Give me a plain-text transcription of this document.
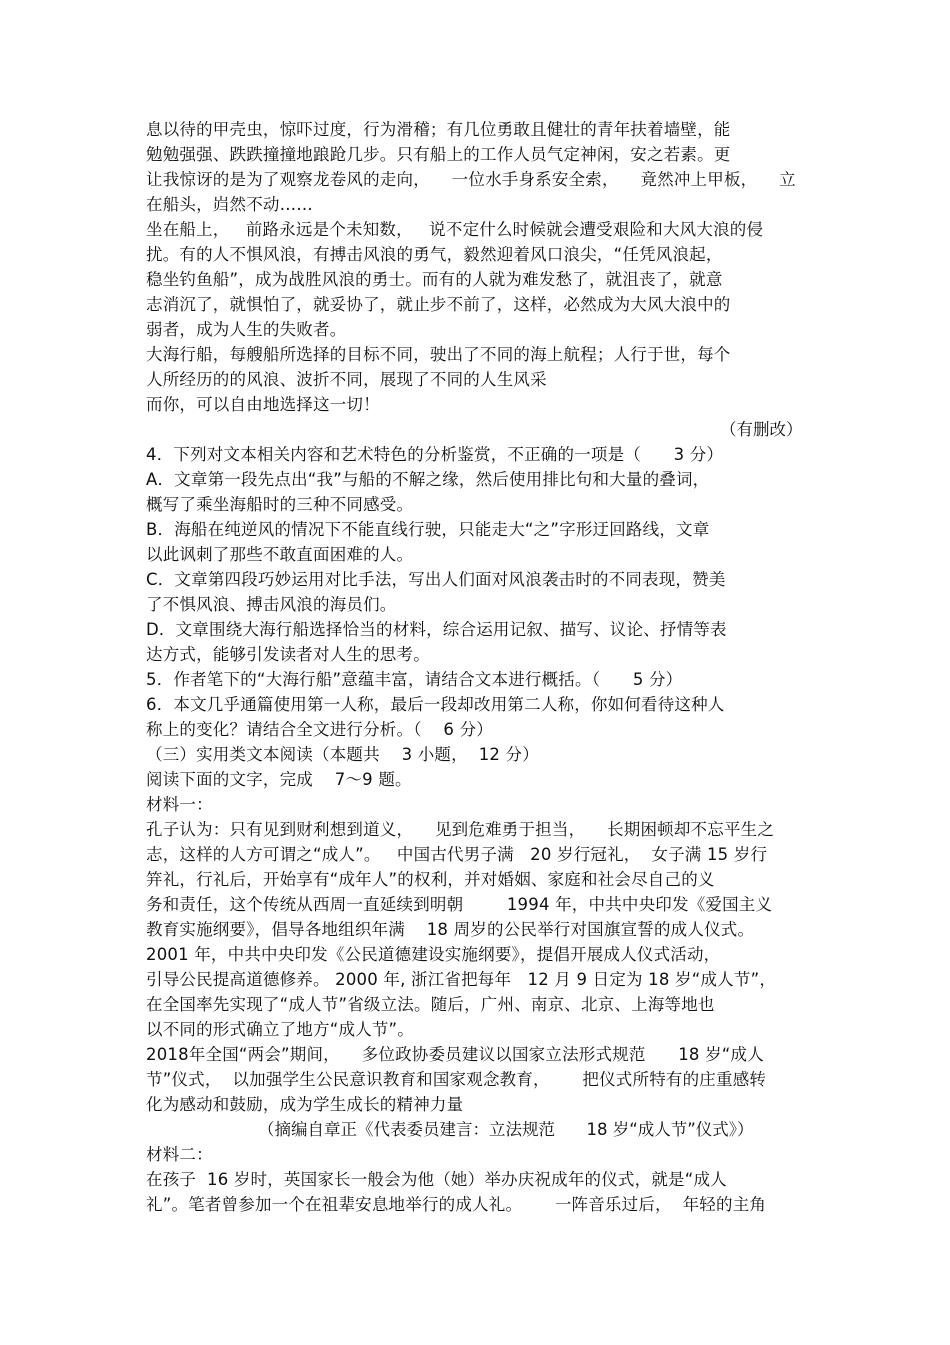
息以待的甲壳虫，惊吓过度，行为滑稽；有几位勇敢且健壮的青年扶着墙壁，能
勉勉强强、跌跌撞撞地踉跄几步。只有船上的工作人员气定神闲，安之若素。更
让我惊讶的是为了观察龙卷风的走向，    一位水手身系安全索，    竟然冲上甲板，    立
在船头，岿然不动……
坐在船上，   前路永远是个未知数，   说不定什么时候就会遭受艰险和大风大浪的侵
扰。有的人不惧风浪，有搏击风浪的勇气，毅然迎着风口浪尖，“任凭风浪起，
稳坐钓鱼船”，成为战胜风浪的勇士。而有的人就为难发愁了，就沮丧了，就意
志消沉了，就惧怕了，就妥协了，就止步不前了，这样，必然成为大风大浪中的
弱者，成为人生的失败者。
大海行船，每艘船所选择的目标不同，驶出了不同的海上航程；人行于世，每个
人所经历的的风浪、波折不同，展现了不同的人生风采
而你，可以自由地选择这一切！
（有删改）
4．下列对文本相关内容和艺术特色的分析鉴赏，不正确的一项是（      3 分）
A．文章第一段先点出“我”与船的不解之缘，然后使用排比句和大量的叠词，
概写了乘坐海船时的三种不同感受。
B．海船在纯逆风的情况下不能直线行驶，只能走大“之”字形迂回路线，文章
以此讽刺了那些不敢直面困难的人。
C．文章第四段巧妙运用对比手法，写出人们面对风浪袭击时的不同表现，赞美
了不惧风浪、搏击风浪的海员们。
D．文章围绕大海行船选择恰当的材料，综合运用记叙、描写、议论、抒情等表
达方式，能够引发读者对人生的思考。
5．作者笔下的“大海行船”意蕴丰富，请结合文本进行概括。（      5 分）
6．本文几乎通篇使用第一人称，最后一段却改用第二人称，你如何看待这种人
称上的变化？请结合全文进行分析。（    6 分）
（三）实用类文本阅读（本题共    3 小题，  12 分）
阅读下面的文字，完成    7～9 题。
材料一：
孔子认为：只有见到财利想到道义，    见到危难勇于担当，    长期困顿却不忘平生之
志，这样的人方可谓之“成人”。   中国古代男子满   20 岁行冠礼，  女子满 15 岁行
笄礼，行礼后，开始享有“成年人”的权利，并对婚姻、家庭和社会尽自己的义
务和责任，这个传统从西周一直延续到明朝        1994 年，中共中央印发《爱国主义
教育实施纲要》，倡导各地组织年满    18 周岁的公民举行对国旗宣誓的成人仪式。
2001 年，中共中央印发《公民道德建设实施纲要》，提倡开展成人仪式活动，
引导公民提高道德修养。 2000 年, 浙江省把每年   12 月 9 日定为 18 岁“成人节”，
在全国率先实现了“成人节”省级立法。随后，广州、南京、北京、上海等地也
以不同的形式确立了地方“成人节”。
2018年全国“两会”期间，    多位政协委员建议以国家立法形式规范      18 岁“成人
节”仪式，  以加强学生公民意识教育和国家观念教育，      把仪式所特有的庄重感转
化为感动和鼓励，成为学生成长的精神力量
（摘编自章正《代表委员建言：立法规范      18 岁“成人节”仪式》）
材料二：
在孩子  16 岁时，英国家长一般会为他（她）举办庆祝成年的仪式，就是“成人
礼”。笔者曾参加一个在祖辈安息地举行的成人礼。      一阵音乐过后，  年轻的主角
